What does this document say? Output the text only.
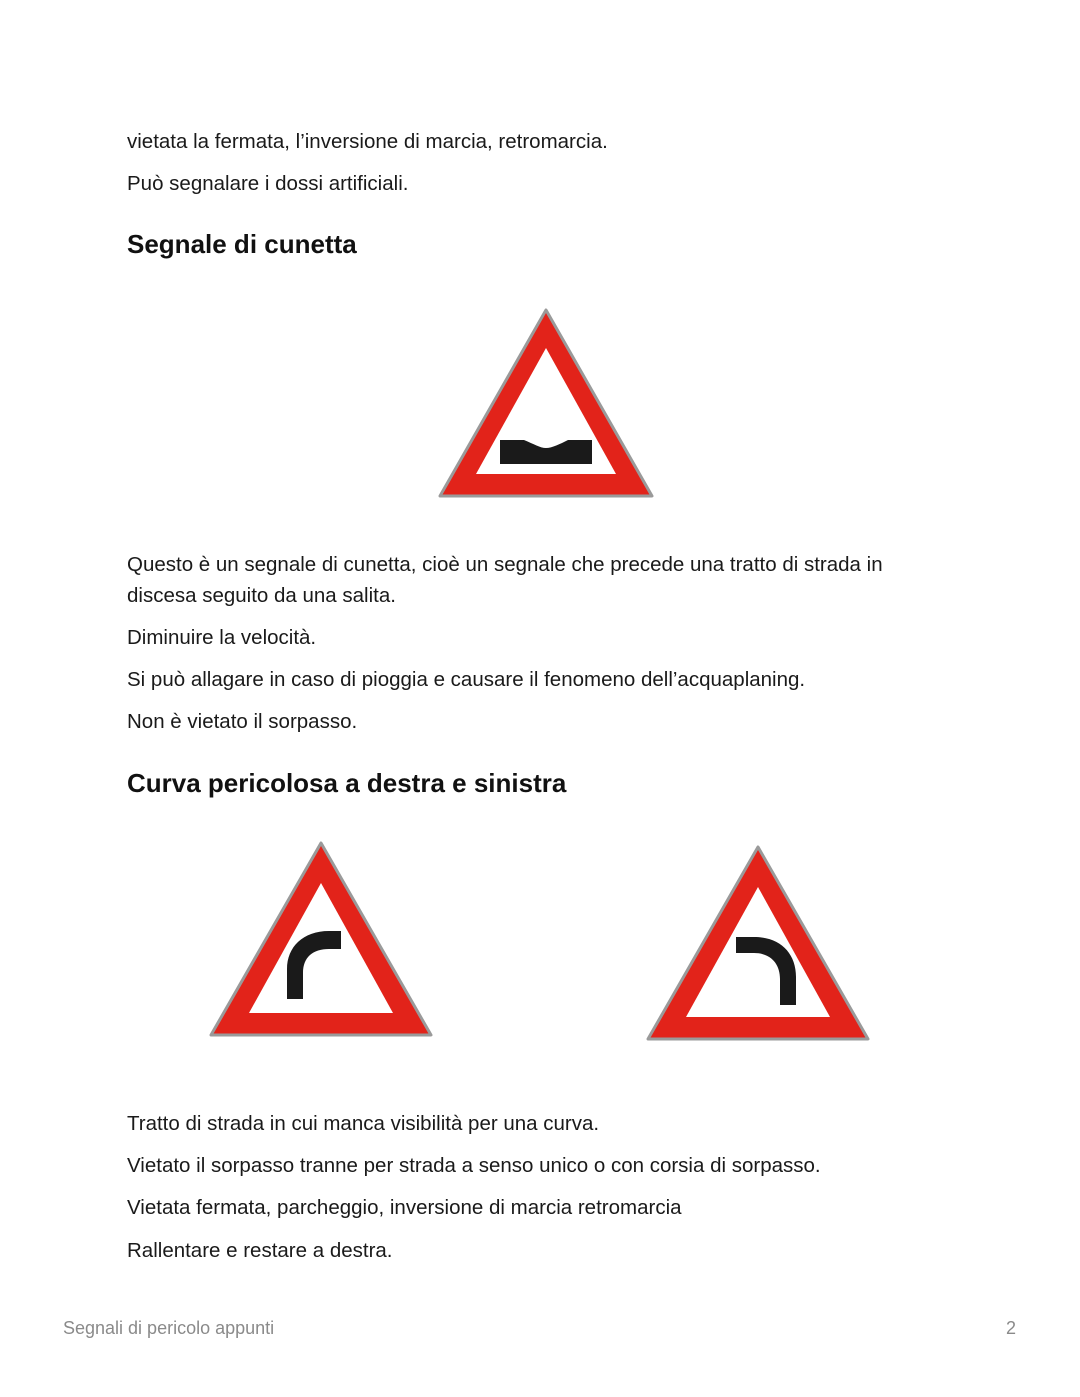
vietata la fermata, l’inversione di marcia, retromarcia.

Può segnalare i dossi artificiali.

Segnale di cunetta

Questo è un segnale di cunetta, cioè un segnale che precede una tratto di strada in discesa seguito da una salita.

Diminuire la velocità.

Si può allagare in caso di pioggia e causare il fenomeno dell’acquaplaning.

Non è vietato il sorpasso.

Curva pericolosa a destra e sinistra

Tratto di strada in cui manca visibilità per una curva.

Vietato il sorpasso tranne per strada a senso unico o con corsia di sorpasso.

Vietata fermata, parcheggio, inversione di marcia retromarcia

Rallentare e restare a destra.

Segnali di pericolo appunti	2
